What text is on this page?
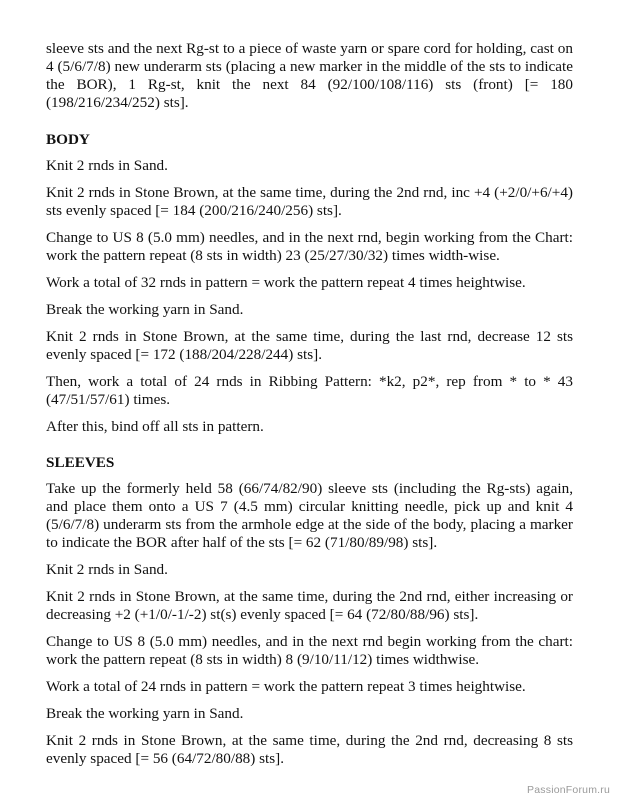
sleeve sts and the next Rg-st to a piece of waste yarn or spare cord for holding, cast on 4 (5/6/7/8) new underarm sts (placing a new marker in the middle of the sts to indicate the BOR), 1 Rg-st, knit the next 84 (92/100/108/116) sts (front) [= 180 (198/216/234/252) sts].

BODY

Knit 2 rnds in Sand.

Knit 2 rnds in Stone Brown, at the same time, during the 2nd rnd, inc +4 (+2/0/+6/+4) sts evenly spaced [= 184 (200/216/240/256) sts].

Change to US 8 (5.0 mm) needles, and in the next rnd, begin working from the Chart: work the pattern repeat (8 sts in width) 23 (25/27/30/32) times width-wise.

Work a total of 32 rnds in pattern = work the pattern repeat 4 times heightwise.

Break the working yarn in Sand.

Knit 2 rnds in Stone Brown, at the same time, during the last rnd, decrease 12 sts evenly spaced [= 172 (188/204/228/244) sts].

Then, work a total of 24 rnds in Ribbing Pattern: *k2, p2*, rep from * to * 43 (47/51/57/61) times.

After this, bind off all sts in pattern.

SLEEVES

Take up the formerly held 58 (66/74/82/90) sleeve sts (including the Rg-sts) again, and place them onto a US 7 (4.5 mm) circular knitting needle, pick up and knit 4 (5/6/7/8) underarm sts from the armhole edge at the side of the body, placing a marker to indicate the BOR after half of the sts [= 62 (71/80/89/98) sts].

Knit 2 rnds in Sand.

Knit 2 rnds in Stone Brown, at the same time, during the 2nd rnd, either increasing or decreasing +2 (+1/0/-1/-2) st(s) evenly spaced [= 64 (72/80/88/96) sts].

Change to US 8 (5.0 mm) needles, and in the next rnd begin working from the chart: work the pattern repeat (8 sts in width) 8 (9/10/11/12) times widthwise.

Work a total of 24 rnds in pattern = work the pattern repeat 3 times heightwise.

Break the working yarn in Sand.

Knit 2 rnds in Stone Brown, at the same time, during the 2nd rnd, decreasing 8 sts evenly spaced [= 56 (64/72/80/88) sts].

PassionForum.ru
